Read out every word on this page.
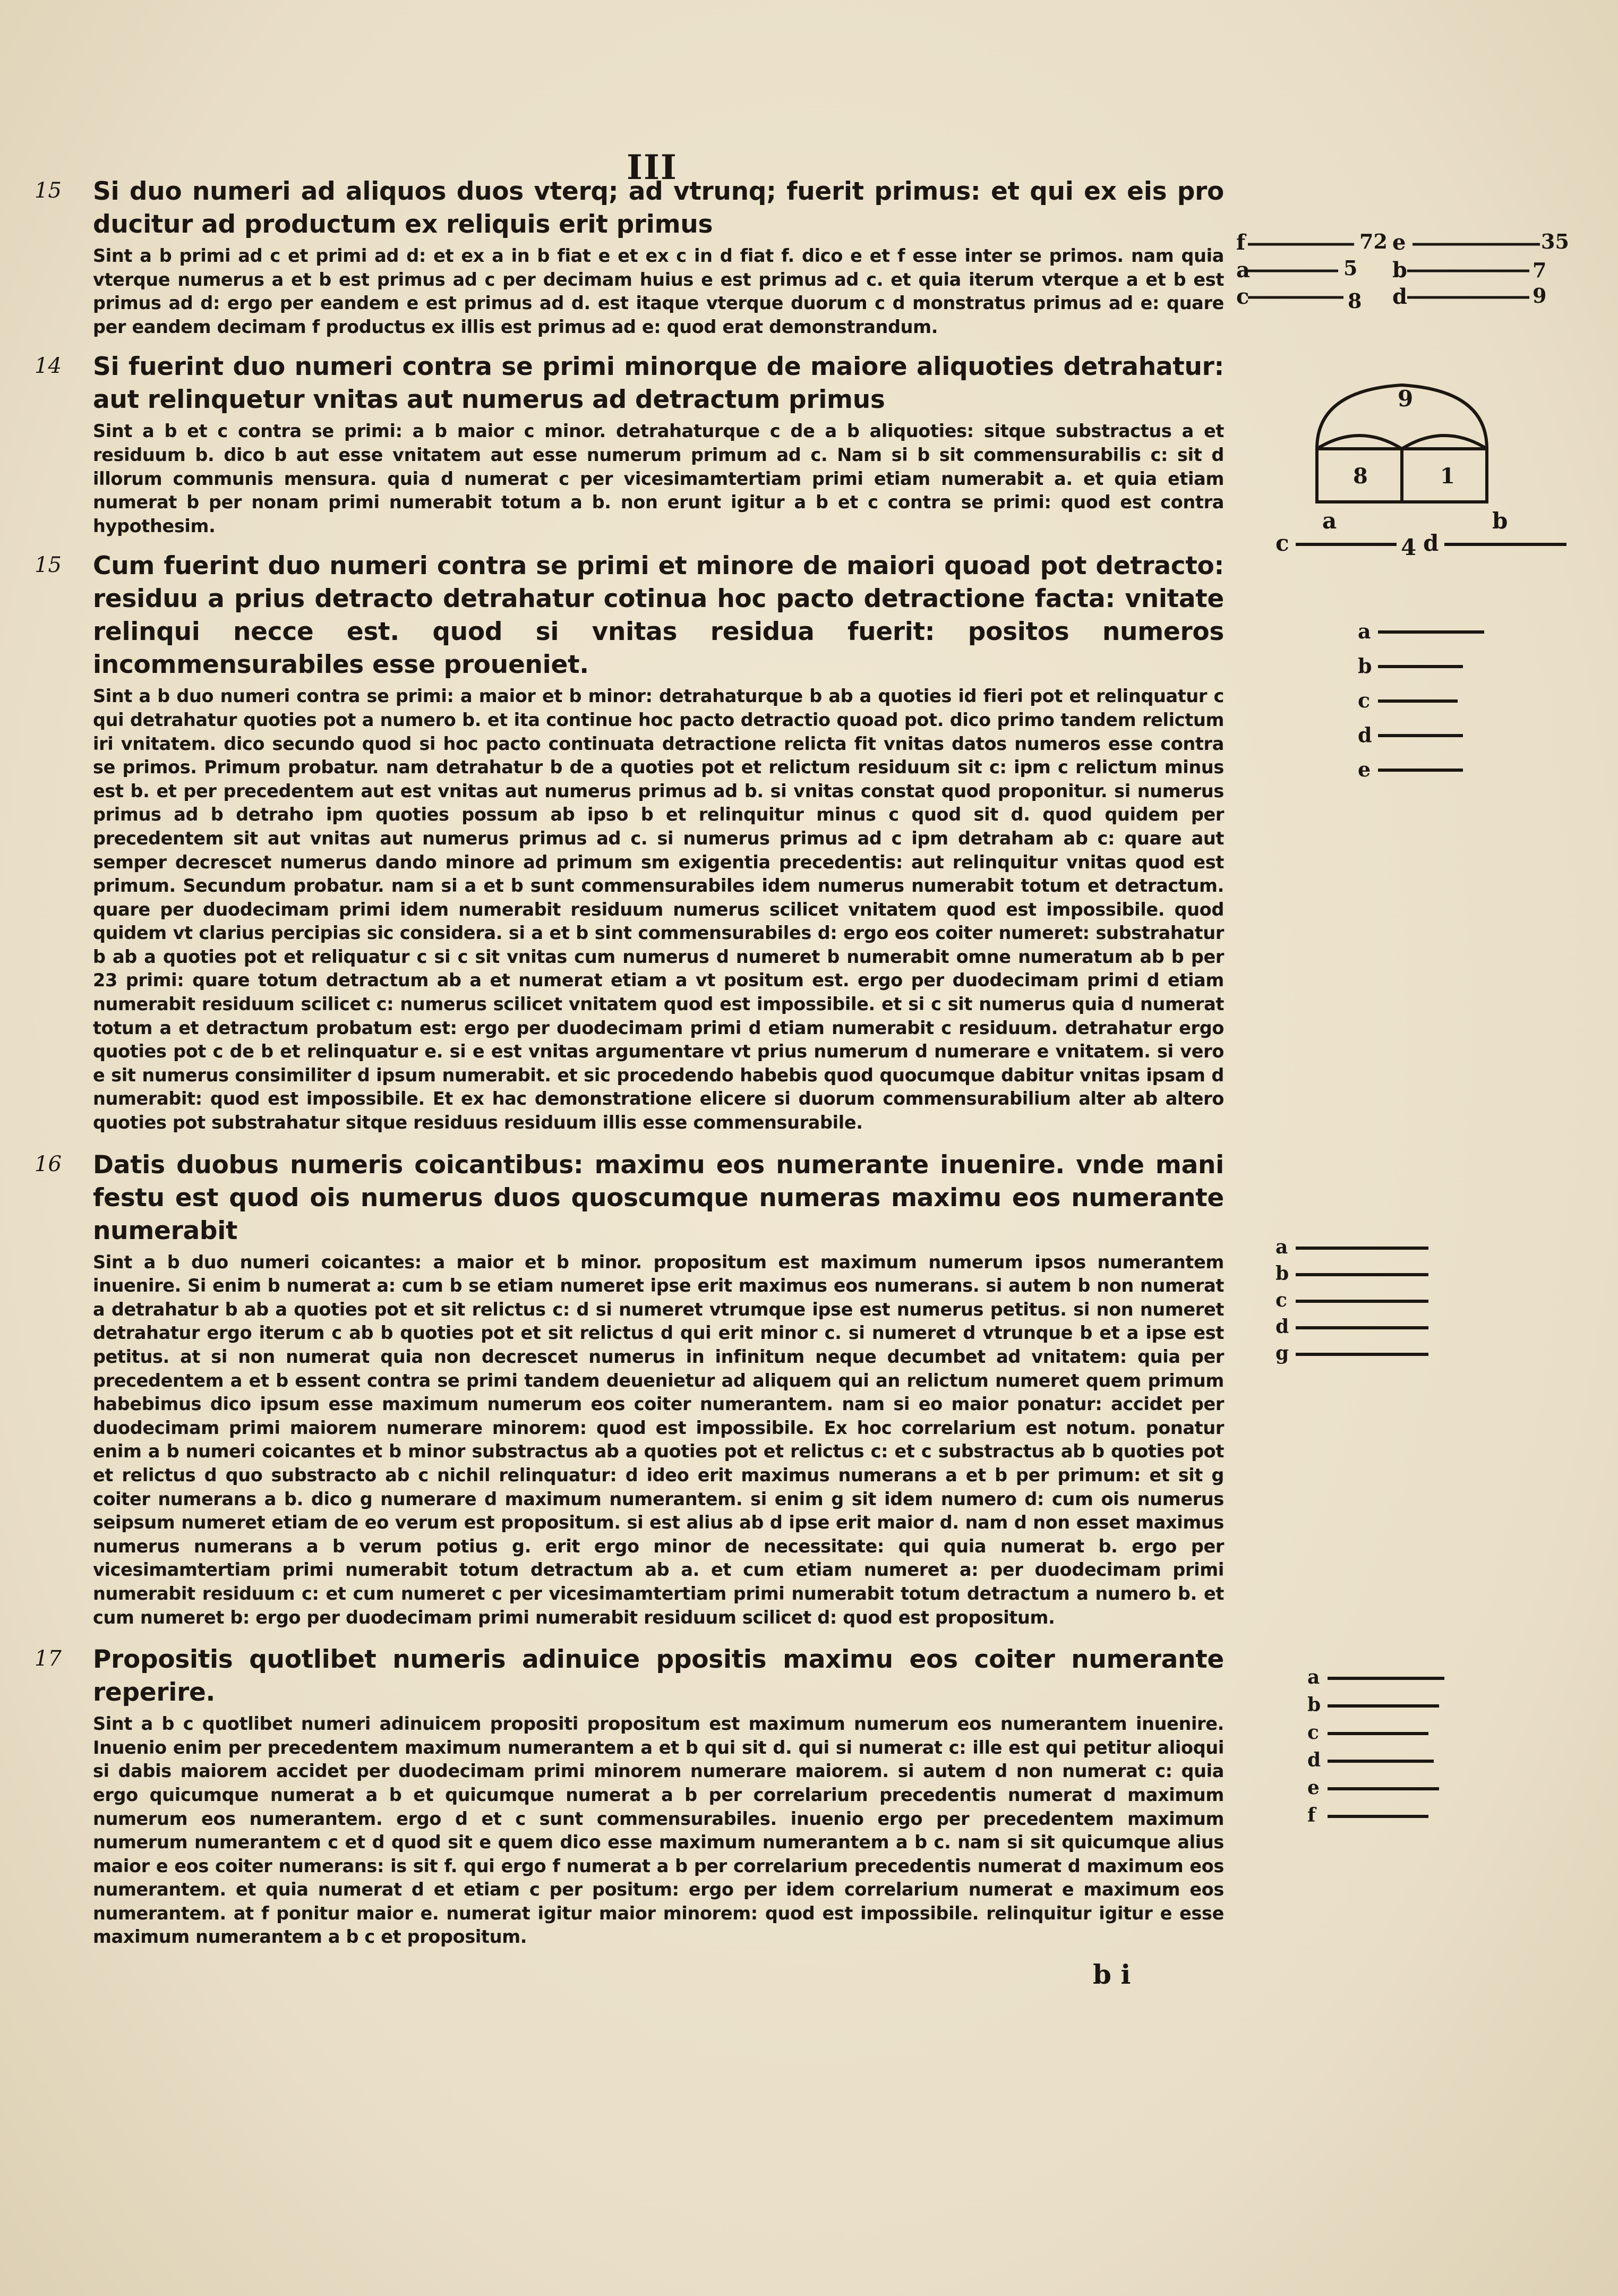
III
15 Si duo numeri ad aliquos duos vterq; ad vtrunq; fuerit primus: et qui ex eis pro ducitur ad productum ex reliquis erit primus
Sint a b primi ad c et primi ad d: et ex a in b fiat e et ex c in d fiat f. dico e et f esse inter se primos. nam quia vterque numerus a et b est primus ad c per decimam huius e est primus ad c. et quia iterum vterque a et b est primus ad d: ergo per eandem e est primus ad d. est itaque vterque duorum c d monstratus primus ad e: quare per eandem decimam f productus ex illis est primus ad e: quod erat demonstrandum.
14 Si fuerint duo numeri contra se primi minorque de maiore aliquoties detrahatur: aut relinquetur vnitas aut numerus ad detractum primus
Sint a b et c contra se primi: a b maior c minor. detrahaturque c de a b aliquoties: sitque substractus a et residuum b. dico b aut esse vnitatem aut esse numerum primum ad c. Nam si b sit commensurabilis c: sit d illorum communis mensura. quia d numerat c per vicesimamtertiam primi etiam numerabit a. et quia etiam numerat b per nonam primi numerabit totum a b. non erunt igitur a b et c contra se primi: quod est contra hypothesim.
15 Cum fuerint duo numeri contra se primi et minore de maiori quoad pot detracto: residuu a prius detracto detrahatur cotinua hoc pacto detractione facta: vnitate relinqui necce est. quod si vnitas residua fuerit: positos numeros incommensurabiles esse proueniet.
Sint a b duo numeri contra se primi: a maior et b minor: detrahaturque b ab a quoties id fieri pot et relinquatur c qui detrahatur quoties pot a numero b. et ita continue hoc pacto detractio quoad pot. dico primo tandem relictum iri vnitatem. dico secundo quod si hoc pacto continuata detractione relicta fit vnitas datos numeros esse contra se primos. Primum probatur. nam detrahatur b de a quoties pot et relictum residuum sit c: ipm c relictum minus est b. et per precedentem aut est vnitas aut numerus primus ad b. si vnitas constat quod proponitur. si numerus primus ad b detraho ipm quoties possum ab ipso b et relinquitur minus c quod sit d. quod quidem per precedentem sit aut vnitas aut numerus primus ad c. si numerus primus ad c ipm detraham ab c: quare aut semper decrescet numerus dando minore ad primum sm exigentia precedentis: aut relinquitur vnitas quod est primum. Secundum probatur. nam si a et b sunt commensurabiles idem numerus numerabit totum et detractum. quare per duodecimam primi idem numerabit residuum numerus scilicet vnitatem quod est impossibile. quod quidem vt clarius percipias sic considera. si a et b sint commensurabiles d: ergo eos coiter numeret: substrahatur b ab a quoties pot et reliquatur c si c sit vnitas cum numerus d numeret b numerabit omne numeratum ab b per 23 primi: quare totum detractum ab a et numerat etiam a vt positum est. ergo per duodecimam primi d etiam numerabit residuum scilicet c: numerus scilicet vnitatem quod est impossibile. et si c sit numerus quia d numerat totum a et detractum probatum est: ergo per duodecimam primi d etiam numerabit c residuum. detrahatur ergo quoties pot c de b et relinquatur e. si e est vnitas argumentare vt prius numerum d numerare e vnitatem. si vero e sit numerus consimiliter d ipsum numerabit. et sic procedendo habebis quod quocumque dabitur vnitas ipsam d numerabit: quod est impossibile. Et ex hac demonstratione elicere si duorum commensurabilium alter ab altero quoties pot substrahatur sitque residuus residuum illis esse commensurabile.
16 Datis duobus numeris coicantibus: maximu eos numerante inuenire. vnde mani festu est quod ois numerus duos quoscumque numeras maximu eos numerante numerabit
Sint a b duo numeri coicantes: a maior et b minor. propositum est maximum numerum ipsos numerantem inuenire. Si enim b numerat a: cum b se etiam numeret ipse erit maximus eos numerans. si autem b non numerat a detrahatur b ab a quoties pot et sit relictus c: d si numeret vtrumque ipse est numerus petitus. si non numeret detrahatur ergo iterum c ab b quoties pot et sit relictus d qui erit minor c. si numeret d vtrunque b et a ipse est petitus. at si non numerat quia non decrescet numerus in infinitum neque decumbet ad vnitatem: quia per precedentem a et b essent contra se primi tandem deuenietur ad aliquem qui an relictum numeret quem primum habebimus dico ipsum esse maximum numerum eos coiter numerantem. nam si eo maior ponatur: accidet per duodecimam primi maiorem numerare minorem: quod est impossibile. Ex hoc correlarium est notum. ponatur enim a b numeri coicantes et b minor substractus ab a quoties pot et relictus c: et c substractus ab b quoties pot et relictus d quo substracto ab c nichil relinquatur: d ideo erit maximus numerans a et b per primum: et sit g coiter numerans a b. dico g numerare d maximum numerantem. si enim g sit idem numero d: cum ois numerus seipsum numeret etiam de eo verum est propositum. si est alius ab d ipse erit maior d. nam d non esset maximus numerus numerans a b verum potius g. erit ergo minor de necessitate: qui quia numerat b. ergo per vicesimamtertiam primi numerabit totum detractum ab a. et cum etiam numeret a: per duodecimam primi numerabit residuum c: et cum numeret c per vicesimamtertiam primi numerabit totum detractum a numero b. et cum numeret b: ergo per duodecimam primi numerabit residuum scilicet d: quod est propositum.
17 Propositis quotlibet numeris adinuice ppositis maximu eos coiter numerante reperire.
Sint a b c quotlibet numeri adinuicem propositi propositum est maximum numerum eos numerantem inuenire. Inuenio enim per precedentem maximum numerantem a et b qui sit d. qui si numerat c: ille est qui petitur alioqui si dabis maiorem accidet per duodecimam primi minorem numerare maiorem. si autem d non numerat c: quia ergo quicumque numerat a b et quicumque numerat a b per correlarium precedentis numerat d maximum numerum eos numerantem. ergo d et c sunt commensurabiles. inuenio ergo per precedentem maximum numerum numerantem c et d quod sit e quem dico esse maximum numerantem a b c. nam si sit quicumque alius maior e eos coiter numerans: is sit f. qui ergo f numerat a b per correlarium precedentis numerat d maximum eos numerantem. et quia numerat d et etiam c per positum: ergo per idem correlarium numerat e maximum eos numerantem. at f ponitur maior e. numerat igitur maior minorem: quod est impossibile. relinquitur igitur e esse maximum numerantem a b c et propositum.
b i
f
a
c
72
5
8
e
b
d
35
7
9
9
8	1
a	b
c	4 d
a
b
c
d
e
a
b
c
d
g
a
b
c
d
e
f
